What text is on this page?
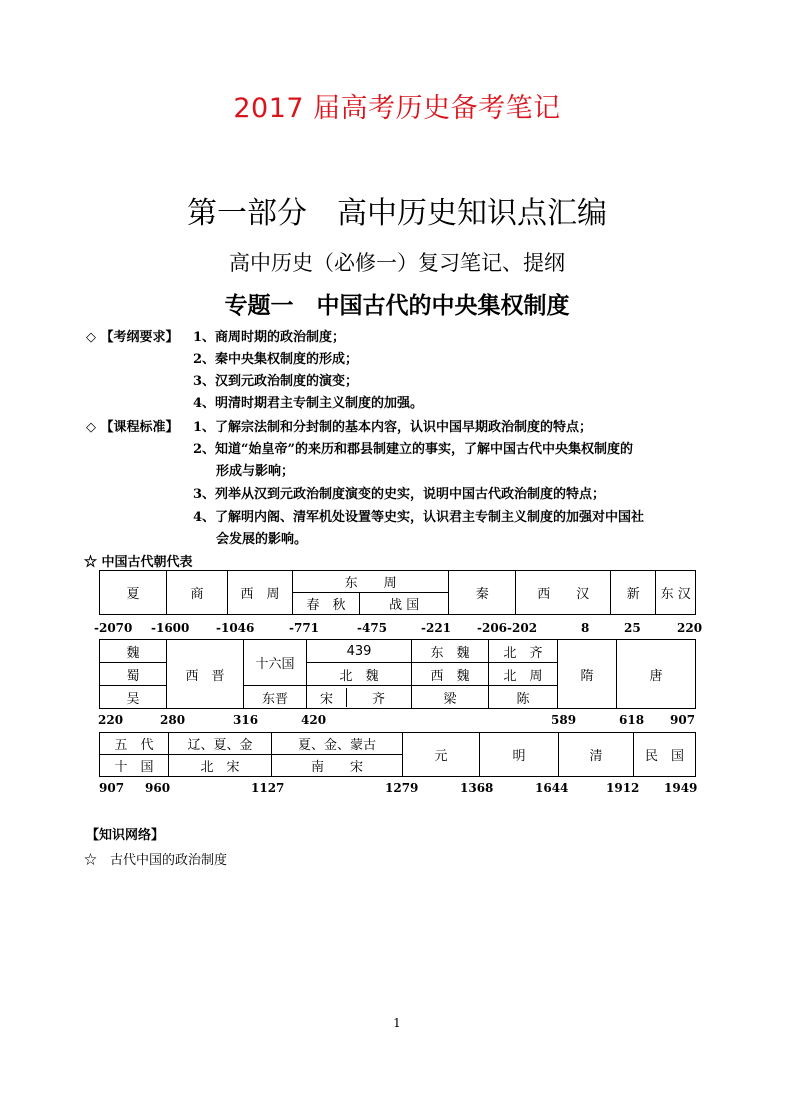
2017 届高考历史备考笔记
第一部分　高中历史知识点汇编
高中历史（必修一）复习笔记、提纲
专题一　中国古代的中央集权制度
◇ 【考纲要求】 1、商周时期的政治制度；
2、秦中央集权制度的形成；
3、汉到元政治制度的演变；
4、明清时期君主专制主义制度的加强。
◇ 【课程标准】 1、了解宗法制和分封制的基本内容，认识中国早期政治制度的特点；
2、知道“始皇帝”的来历和郡县制建立的事实，了解中国古代中央集权制度的
形成与影响；
3、列举从汉到元政治制度演变的史实，说明中国古代政治制度的特点；
4、了解明内阁、清军机处设置等史实，认识君主专制主义制度的加强对中国社
会发展的影响。
☆ 中国古代朝代表
夏	商	西　周	东　　周		秦	西　　汉	新	东 汉
			春　秋	战 国				
-2070 -1600 -1046	-771	-475	-221 -206-202	8	25	220
魏	西　晋	十六国	439	东　魏	北　齐	隋	唐
蜀			北　魏	西　魏	北　周		
吴		东晋	宋 齐	梁	陈		
220	280	316	420	589	618 907
五　代	辽、夏、金	夏、金、蒙古	元	明	清	民　国
十　国	北　宋	南　　宋				
907 960	1127	1279	1368	1644	1912 1949
【知识网络】
☆　古代中国的政治制度
1
